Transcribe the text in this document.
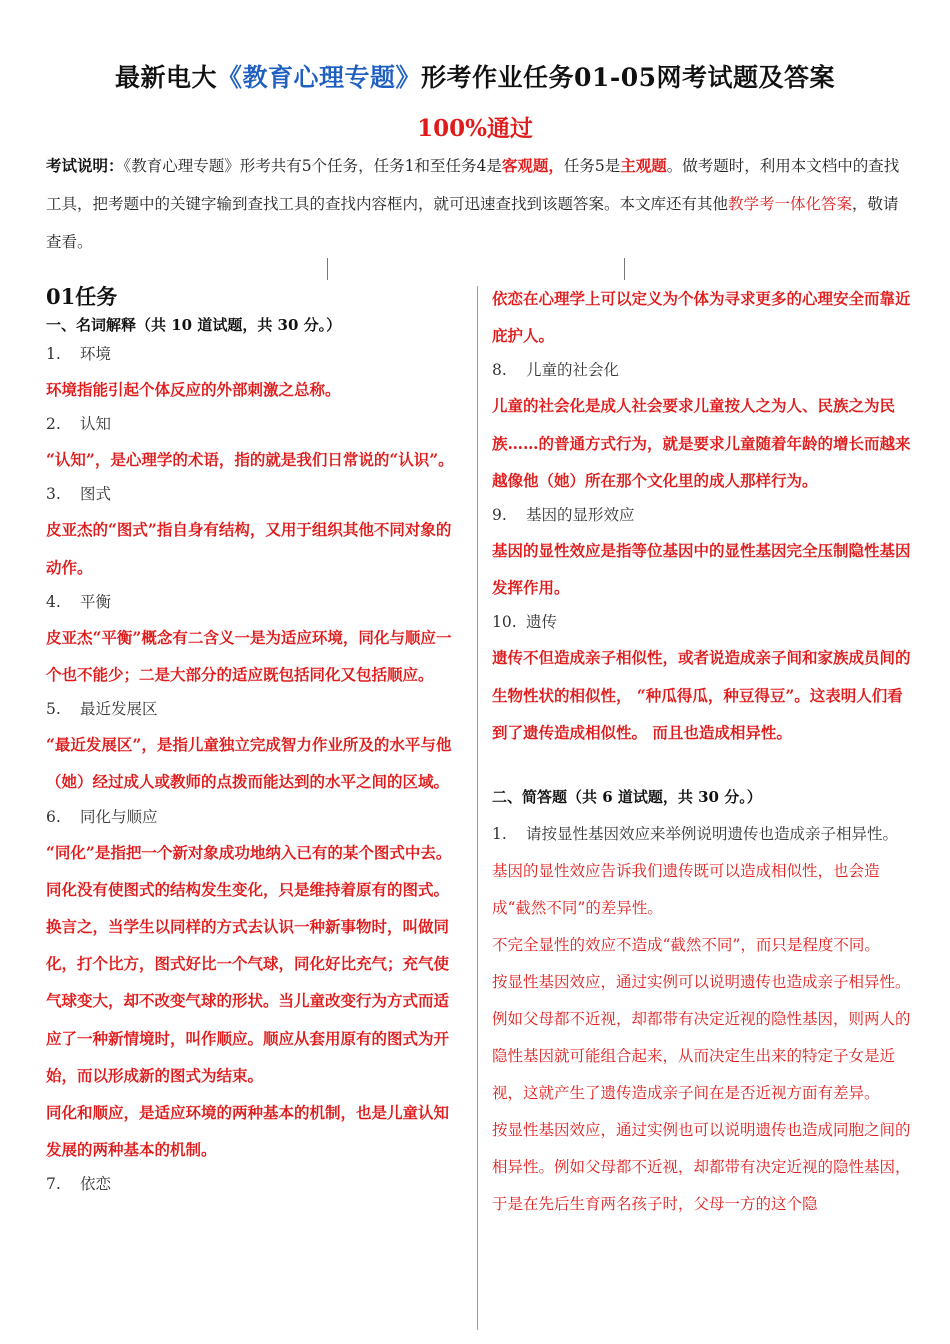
最新电大《教育心理专题》形考作业任务01-05网考试题及答案
100%通过
考试说明：《教育心理专题》形考共有5个任务，任务1和至任务4是客观题，任务5是主观题。做考题时，利用本文档中的查找工具，把考题中的关键字输到查找工具的查找内容框内，就可迅速查找到该题答案。本文库还有其他教学考一体化答案，敬请查看。
01任务
一、名词解释（共 10 道试题，共 30 分。）
1. 环境
环境指能引起个体反应的外部刺激之总称。
2. 认知
“认知”，是心理学的术语，指的就是我们日常说的“认识”。
3. 图式
皮亚杰的“图式”指自身有结构，又用于组织其他不同对象的动作。
4. 平衡
皮亚杰“平衡”概念有二含义一是为适应环境，同化与顺应一个也不能少；二是大部分的适应既包括同化又包括顺应。
5. 最近发展区
“最近发展区”，是指儿童独立完成智力作业所及的水平与他（她）经过成人或教师的点拨而能达到的水平之间的区域。
6. 同化与顺应
“同化”是指把一个新对象成功地纳入已有的某个图式中去。同化没有使图式的结构发生变化，只是维持着原有的图式。换言之，当学生以同样的方式去认识一种新事物时，叫做同化，打个比方，图式好比一个气球，同化好比充气；充气使气球变大，却不改变气球的形状。当儿童改变行为方式而适应了一种新情境时，叫作顺应。顺应从套用原有的图式为开始，而以形成新的图式为结束。
同化和顺应，是适应环境的两种基本的机制，也是儿童认知发展的两种基本的机制。
7. 依恋
依恋在心理学上可以定义为个体为寻求更多的心理安全而靠近庇护人。
8. 儿童的社会化
儿童的社会化是成人社会要求儿童按人之为人、民族之为民族……的普通方式行为，就是要求儿童随着年龄的增长而越来越像他（她）所在那个文化里的成人那样行为。
9. 基因的显形效应
基因的显性效应是指等位基因中的显性基因完全压制隐性基因发挥作用。
10. 遗传
遗传不但造成亲子相似性，或者说造成亲子间和家族成员间的生物性状的相似性， “种瓜得瓜，种豆得豆”。这表明人们看到了遗传造成相似性。 而且也造成相异性。
二、简答题（共 6 道试题，共 30 分。）
1. 请按显性基因效应来举例说明遗传也造成亲子相异性。
基因的显性效应告诉我们遗传既可以造成相似性，也会造成“截然不同”的差异性。
不完全显性的效应不造成“截然不同”，而只是程度不同。
按显性基因效应，通过实例可以说明遗传也造成亲子相异性。例如父母都不近视，却都带有决定近视的隐性基因，则两人的隐性基因就可能组合起来，从而决定生出来的特定子女是近视，这就产生了遗传造成亲子间在是否近视方面有差异。
按显性基因效应，通过实例也可以说明遗传也造成同胞之间的相异性。例如父母都不近视，却都带有决定近视的隐性基因，于是在先后生育两名孩子时，父母一方的这个隐
